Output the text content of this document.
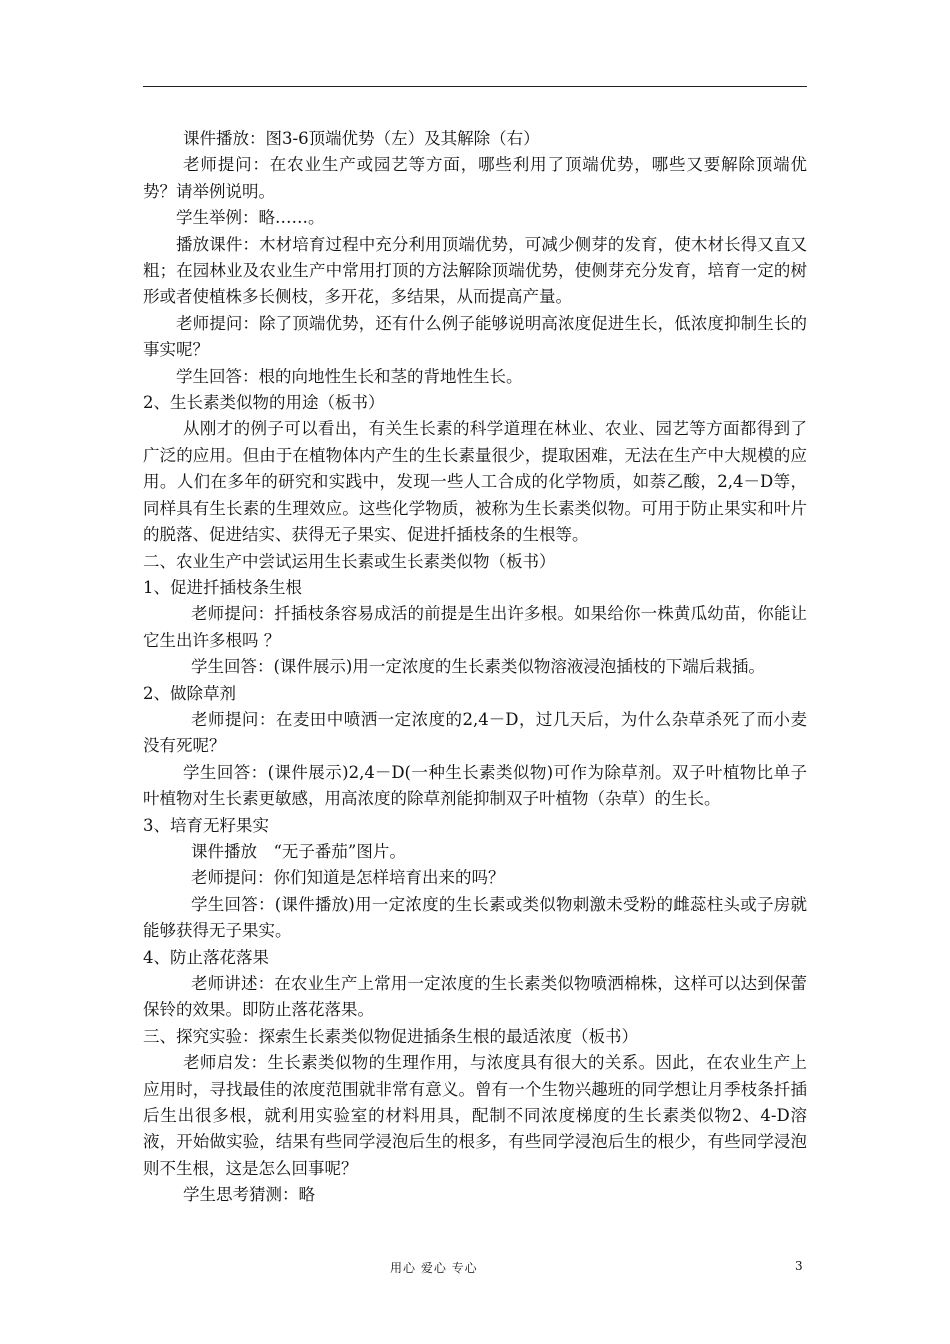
课件播放：图3-6顶端优势（左）及其解除（右）

老师提问：在农业生产或园艺等方面，哪些利用了顶端优势，哪些又要解除顶端优势？请举例说明。

学生举例：略……。

播放课件：木材培育过程中充分利用顶端优势，可减少侧芽的发育，使木材长得又直又粗；在园林业及农业生产中常用打顶的方法解除顶端优势，使侧芽充分发育，培育一定的树形或者使植株多长侧枝，多开花，多结果，从而提高产量。

老师提问：除了顶端优势，还有什么例子能够说明高浓度促进生长，低浓度抑制生长的事实呢？

学生回答：根的向地性生长和茎的背地性生长。

2、生长素类似物的用途（板书）

从刚才的例子可以看出，有关生长素的科学道理在林业、农业、园艺等方面都得到了广泛的应用。但由于在植物体内产生的生长素量很少，提取困难，无法在生产中大规模的应用。人们在多年的研究和实践中，发现一些人工合成的化学物质，如萘乙酸，2,4－D等，同样具有生长素的生理效应。这些化学物质，被称为生长素类似物。可用于防止果实和叶片的脱落、促进结实、获得无子果实、促进扦插枝条的生根等。

二、农业生产中尝试运用生长素或生长素类似物（板书）

1、促进扦插枝条生根

老师提问：扦插枝条容易成活的前提是生出许多根。如果给你一株黄瓜幼苗，你能让它生出许多根吗 ？

学生回答：(课件展示)用一定浓度的生长素类似物溶液浸泡插枝的下端后栽插。

2、做除草剂

老师提问：在麦田中喷洒一定浓度的2,4－D，过几天后，为什么杂草杀死了而小麦没有死呢？

学生回答：(课件展示)2,4－D(一种生长素类似物)可作为除草剂。双子叶植物比单子叶植物对生长素更敏感，用高浓度的除草剂能抑制双子叶植物（杂草）的生长。

3、培育无籽果实

课件播放　“无子番茄”图片。

老师提问：你们知道是怎样培育出来的吗？

学生回答：(课件播放)用一定浓度的生长素或类似物刺激未受粉的雌蕊柱头或子房就能够获得无子果实。

4、防止落花落果

老师讲述：在农业生产上常用一定浓度的生长素类似物喷洒棉株，这样可以达到保蕾保铃的效果。即防止落花落果。

三、探究实验：探索生长素类似物促进插条生根的最适浓度（板书）

老师启发：生长素类似物的生理作用，与浓度具有很大的关系。因此，在农业生产上应用时，寻找最佳的浓度范围就非常有意义。曾有一个生物兴趣班的同学想让月季枝条扦插后生出很多根，就利用实验室的材料用具，配制不同浓度梯度的生长素类似物2、4-D溶液，开始做实验，结果有些同学浸泡后生的根多，有些同学浸泡后生的根少，有些同学浸泡则不生根，这是怎么回事呢？

学生思考猜测：略

用心 爱心 专心	3
